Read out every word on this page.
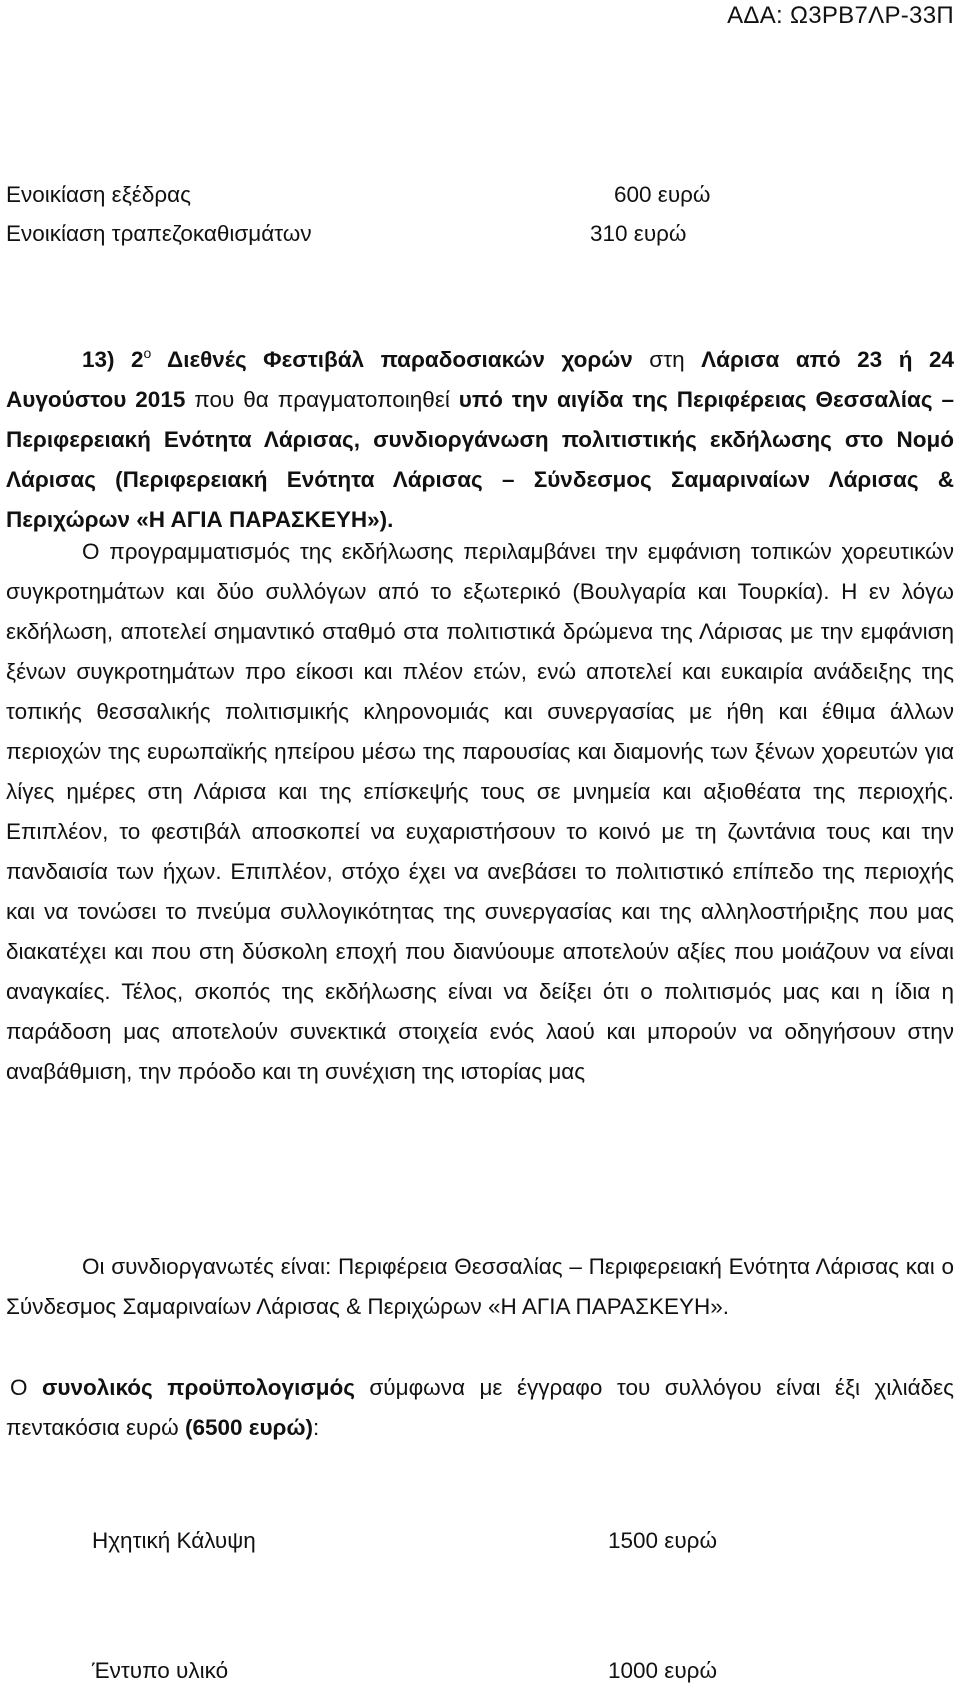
ΑΔΑ: Ω3ΡΒ7ΛΡ-33Π
Ενοικίαση εξέδρας	600 ευρώ
Ενοικίαση τραπεζοκαθισμάτων	310 ευρώ

13) $2^o$ Διεθνές Φεστιβάλ παραδοσιακών χορών στη Λάρισα από 23 ή 24 Αυγούστου 2015 που θα πραγματοποιηθεί υπό την αιγίδα της Περιφέρειας Θεσσαλίας – Περιφερειακή Ενότητα Λάρισας, συνδιοργάνωση πολιτιστικής εκδήλωσης στο Νομό Λάρισας (Περιφερειακή Ενότητα Λάρισας – Σύνδεσμος Σαμαριναίων Λάρισας & Περιχώρων «Η ΑΓΙΑ ΠΑΡΑΣΚΕΥΗ»).

Ο προγραμματισμός της εκδήλωσης περιλαμβάνει την εμφάνιση τοπικών χορευτικών συγκροτημάτων και δύο συλλόγων από το εξωτερικό (Βουλγαρία και Τουρκία). Η εν λόγω εκδήλωση, αποτελεί σημαντικό σταθμό στα πολιτιστικά δρώμενα της Λάρισας με την εμφάνιση ξένων συγκροτημάτων προ είκοσι και πλέον ετών, ενώ αποτελεί και ευκαιρία ανάδειξης της τοπικής θεσσαλικής πολιτισμικής κληρονομιάς και συνεργασίας με ήθη και έθιμα άλλων περιοχών της ευρωπαϊκής ηπείρου μέσω της παρουσίας και διαμονής των ξένων χορευτών για λίγες ημέρες στη Λάρισα και της επίσκεψής τους σε μνημεία και αξιοθέατα της περιοχής. Επιπλέον, το φεστιβάλ αποσκοπεί να ευχαριστήσουν το κοινό με τη ζωντάνια τους και την πανδαισία των ήχων. Επιπλέον, στόχο έχει να ανεβάσει το πολιτιστικό επίπεδο της περιοχής και να τονώσει το πνεύμα συλλογικότητας της συνεργασίας και της αλληλοστήριξης που μας διακατέχει και που στη δύσκολη εποχή που διανύουμε αποτελούν αξίες που μοιάζουν να είναι αναγκαίες. Τέλος, σκοπός της εκδήλωσης είναι να δείξει ότι ο πολιτισμός μας και η ίδια η παράδοση μας αποτελούν συνεκτικά στοιχεία ενός λαού και μπορούν να οδηγήσουν στην αναβάθμιση, την πρόοδο και τη συνέχιση της ιστορίας μας

Οι συνδιοργανωτές είναι: Περιφέρεια Θεσσαλίας – Περιφερειακή Ενότητα Λάρισας και ο Σύνδεσμος Σαμαριναίων Λάρισας & Περιχώρων «Η ΑΓΙΑ ΠΑΡΑΣΚΕΥΗ».

Ο συνολικός προϋπολογισμός σύμφωνα με έγγραφο του συλλόγου είναι έξι χιλιάδες πεντακόσια ευρώ (6500 ευρώ):

Ηχητική Κάλυψη	1500 ευρώ
Έντυπο υλικό	1000 ευρώ
